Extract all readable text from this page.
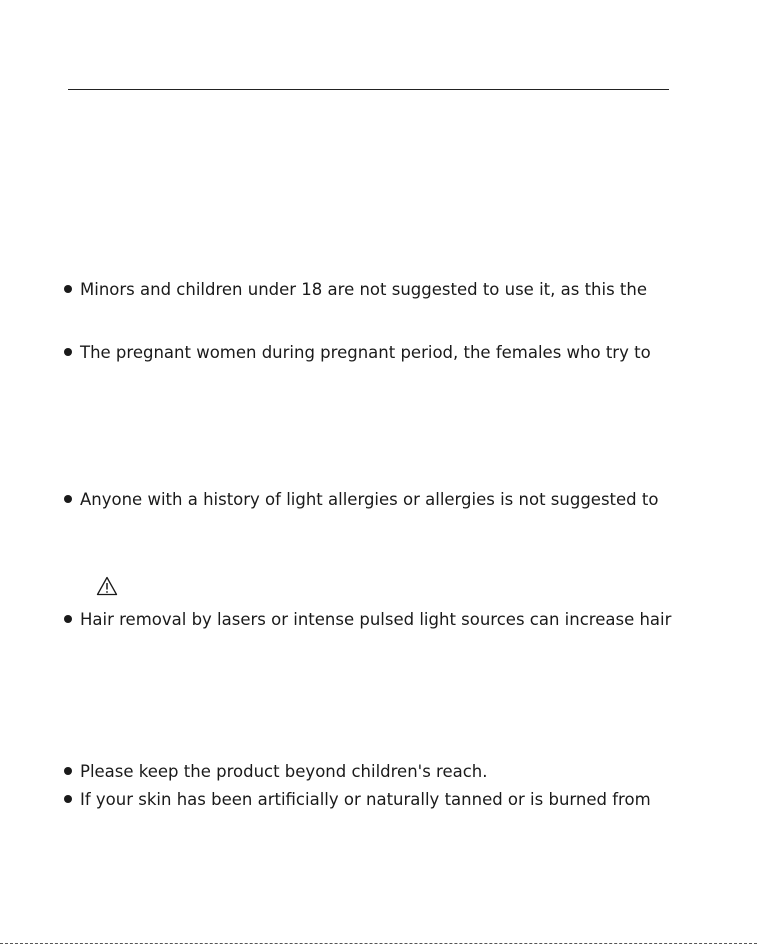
Minors and children under 18 are not suggested to use it, as this the
The pregnant women during pregnant period, the females who try to
Anyone with a history of light allergies or allergies is not suggested to
Hair removal by lasers or intense pulsed light sources can increase hair
Please keep the product beyond children's reach.
If your skin has been artificially or naturally tanned or is burned from
